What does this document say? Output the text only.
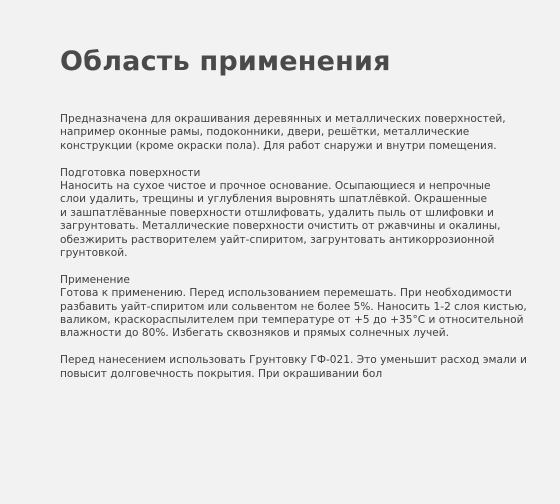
Область применения
Предназначена для окрашивания деревянных и металлических поверхностей,
например оконные рамы, подоконники, двери, решётки, металлические
конструкции (кроме окраски пола). Для работ снаружи и внутри помещения.
Подготовка поверхности
Наносить на сухое чистое и прочное основание. Осыпающиеся и непрочные
слои удалить, трещины и углубления выровнять шпатлёвкой. Окрашенные
и зашпатлёванные поверхности отшлифовать, удалить пыль от шлифовки и
загрунтовать. Металлические поверхности очистить от ржавчины и окалины,
обезжирить растворителем уайт-спиритом, загрунтовать антикоррозионной
грунтовкой.
Применение
Готова к применению. Перед использованием перемешать. При необходимости
разбавить уайт-спиритом или сольвентом не более 5%. Наносить 1-2 слоя кистью,
валиком, краскораспылителем при температуре от +5 до +35°С и относительной
влажности до 80%. Избегать сквозняков и прямых солнечных лучей.
Перед нанесением использовать Грунтовку ГФ-021. Это уменьшит расход эмали и
повысит долговечность покрытия. При окрашивании бол
